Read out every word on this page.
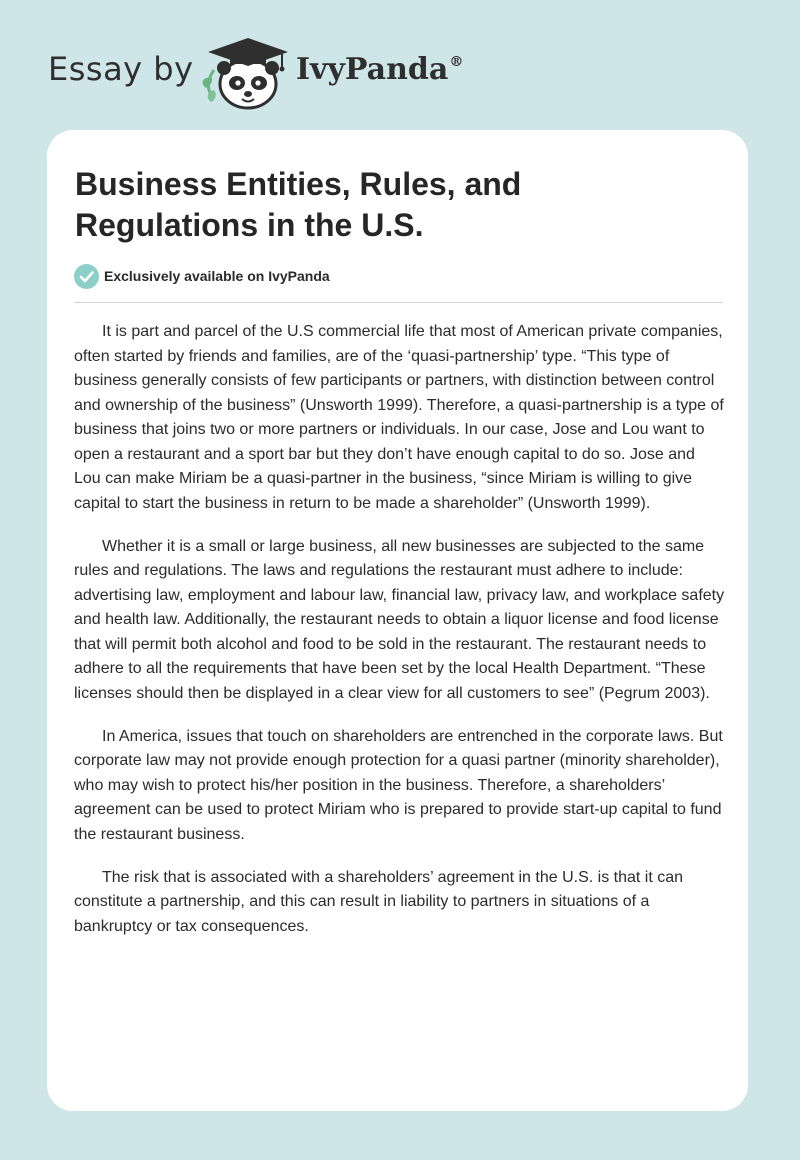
Essay by	IvyPanda®
Business Entities, Rules, and Regulations in the U.S.
Exclusively available on IvyPanda

It is part and parcel of the U.S commercial life that most of American private companies, often started by friends and families, are of the ‘quasi-partnership’ type. “This type of business generally consists of few participants or partners, with distinction between control and ownership of the business” (Unsworth 1999). Therefore, a quasi-partnership is a type of business that joins two or more partners or individuals. In our case, Jose and Lou want to open a restaurant and a sport bar but they don’t have enough capital to do so. Jose and Lou can make Miriam be a quasi-partner in the business, “since Miriam is willing to give capital to start the business in return to be made a shareholder” (Unsworth 1999).

Whether it is a small or large business, all new businesses are subjected to the same rules and regulations. The laws and regulations the restaurant must adhere to include: advertising law, employment and labour law, financial law, privacy law, and workplace safety and health law. Additionally, the restaurant needs to obtain a liquor license and food license that will permit both alcohol and food to be sold in the restaurant. The restaurant needs to adhere to all the requirements that have been set by the local Health Department. “These licenses should then be displayed in a clear view for all customers to see” (Pegrum 2003).

In America, issues that touch on shareholders are entrenched in the corporate laws. But corporate law may not provide enough protection for a quasi partner (minority shareholder), who may wish to protect his/her position in the business. Therefore, a shareholders’ agreement can be used to protect Miriam who is prepared to provide start-up capital to fund the restaurant business.

The risk that is associated with a shareholders’ agreement in the U.S. is that it can constitute a partnership, and this can result in liability to partners in situations of a bankruptcy or tax consequences.
